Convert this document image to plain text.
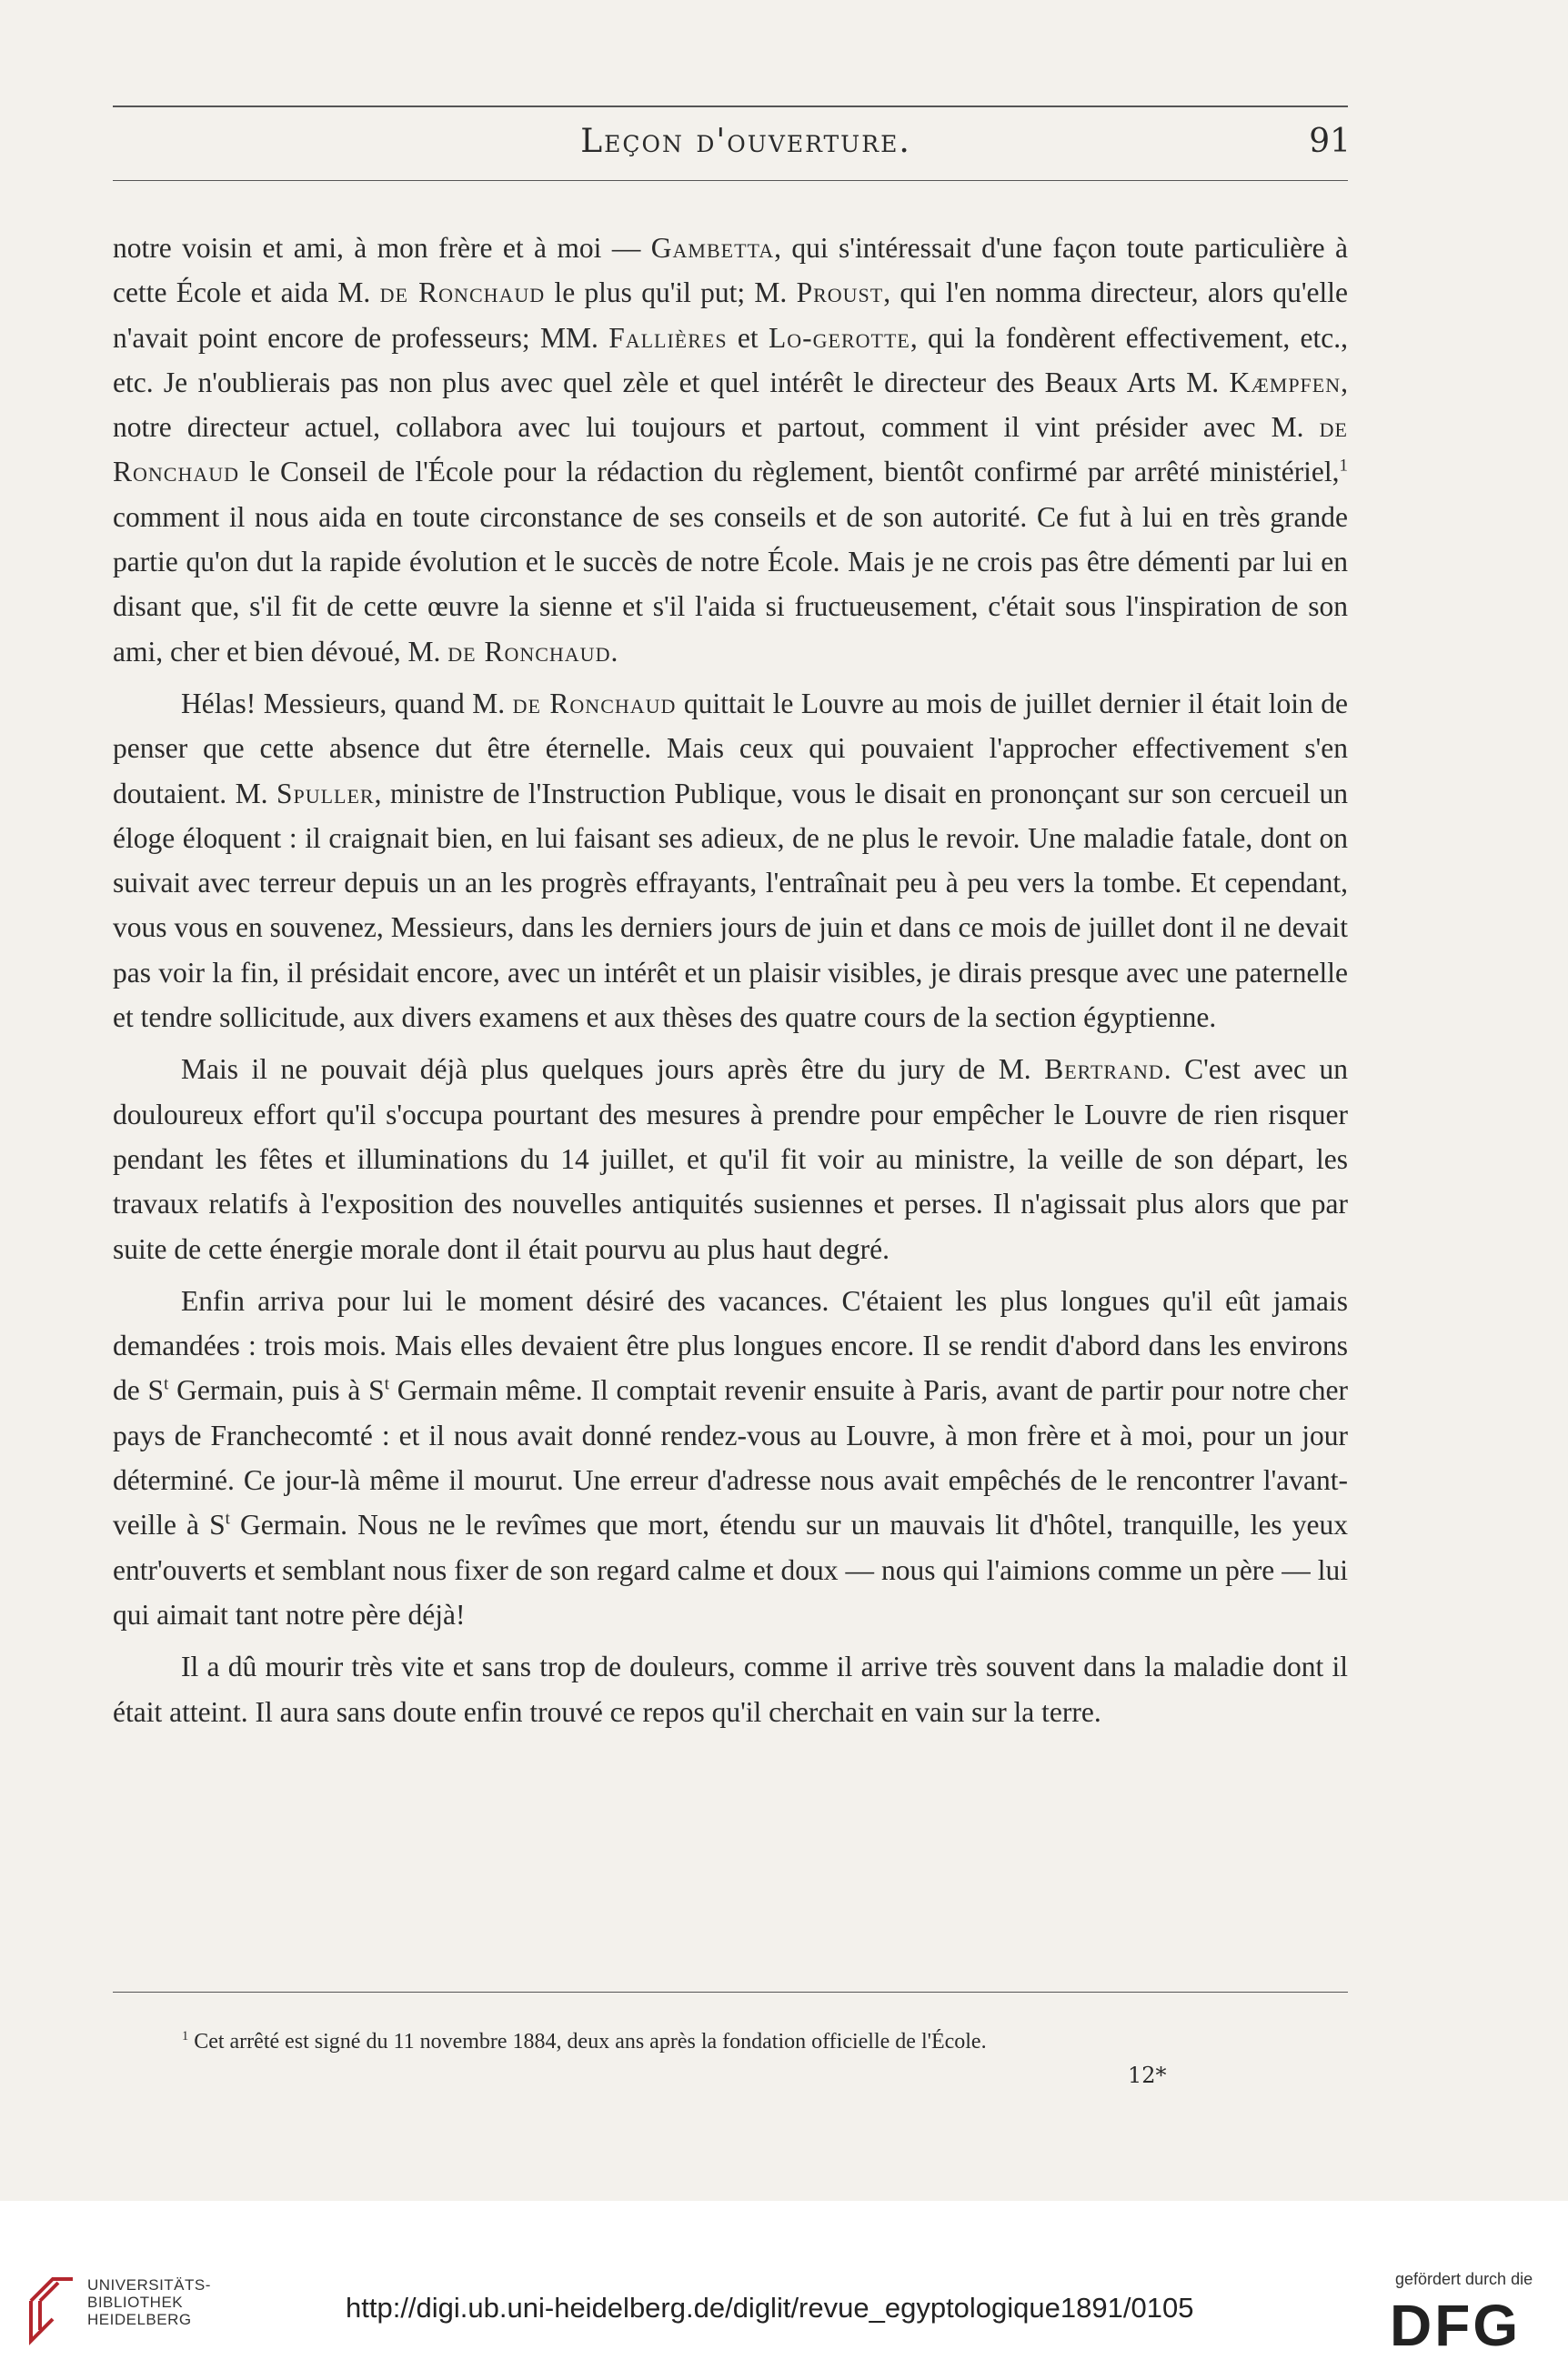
Leçon d'ouverture.	91

notre voisin et ami, à mon frère et à moi — Gambetta, qui s'intéressait d'une façon toute particulière à cette École et aida M. de Ronchaud le plus qu'il put; M. Proust, qui l'en nomma directeur, alors qu'elle n'avait point encore de professeurs; MM. Fallières et Lo-gerotte, qui la fondèrent effectivement, etc., etc. Je n'oublierais pas non plus avec quel zèle et quel intérêt le directeur des Beaux Arts M. Kæmpfen, notre directeur actuel, collabora avec lui toujours et partout, comment il vint présider avec M. de Ronchaud le Conseil de l'École pour la rédaction du règlement, bientôt confirmé par arrêté ministériel,$^1$ comment il nous aida en toute circonstance de ses conseils et de son autorité. Ce fut à lui en très grande partie qu'on dut la rapide évolution et le succès de notre École. Mais je ne crois pas être démenti par lui en disant que, s'il fit de cette œuvre la sienne et s'il l'aida si fructueusement, c'était sous l'inspiration de son ami, cher et bien dévoué, M. de Ronchaud.

Hélas! Messieurs, quand M. de Ronchaud quittait le Louvre au mois de juillet dernier il était loin de penser que cette absence dut être éternelle. Mais ceux qui pouvaient l'approcher effectivement s'en doutaient. M. Spuller, ministre de l'Instruction Publique, vous le disait en prononçant sur son cercueil un éloge éloquent : il craignait bien, en lui faisant ses adieux, de ne plus le revoir. Une maladie fatale, dont on suivait avec terreur depuis un an les progrès effrayants, l'entraînait peu à peu vers la tombe. Et cependant, vous vous en souvenez, Messieurs, dans les derniers jours de juin et dans ce mois de juillet dont il ne devait pas voir la fin, il présidait encore, avec un intérêt et un plaisir visibles, je dirais presque avec une paternelle et tendre sollicitude, aux divers examens et aux thèses des quatre cours de la section égyptienne.

Mais il ne pouvait déjà plus quelques jours après être du jury de M. Bertrand. C'est avec un douloureux effort qu'il s'occupa pourtant des mesures à prendre pour empêcher le Louvre de rien risquer pendant les fêtes et illuminations du 14 juillet, et qu'il fit voir au ministre, la veille de son départ, les travaux relatifs à l'exposition des nouvelles antiquités susiennes et perses. Il n'agissait plus alors que par suite de cette énergie morale dont il était pourvu au plus haut degré.

Enfin arriva pour lui le moment désiré des vacances. C'étaient les plus longues qu'il eût jamais demandées : trois mois. Mais elles devaient être plus longues encore. Il se rendit d'abord dans les environs de $S^t$ Germain, puis à $S^t$ Germain même. Il comptait revenir ensuite à Paris, avant de partir pour notre cher pays de Franchecomté : et il nous avait donné rendez-vous au Louvre, à mon frère et à moi, pour un jour déterminé. Ce jour-là même il mourut. Une erreur d'adresse nous avait empêchés de le rencontrer l'avant-veille à $S^t$ Germain. Nous ne le revîmes que mort, étendu sur un mauvais lit d'hôtel, tranquille, les yeux entr'ouverts et semblant nous fixer de son regard calme et doux — nous qui l'aimions comme un père — lui qui aimait tant notre père déjà!

Il a dû mourir très vite et sans trop de douleurs, comme il arrive très souvent dans la maladie dont il était atteint. Il aura sans doute enfin trouvé ce repos qu'il cherchait en vain sur la terre.

$^1$ Cet arrêté est signé du 11 novembre 1884, deux ans après la fondation officielle de l'École.
12*
UNIVERSITÄTS-
BIBLIOTHEK
HEIDELBERG	http://digi.ub.uni-heidelberg.de/diglit/revue_egyptologique1891/0105
gefördert durch die
DFG
